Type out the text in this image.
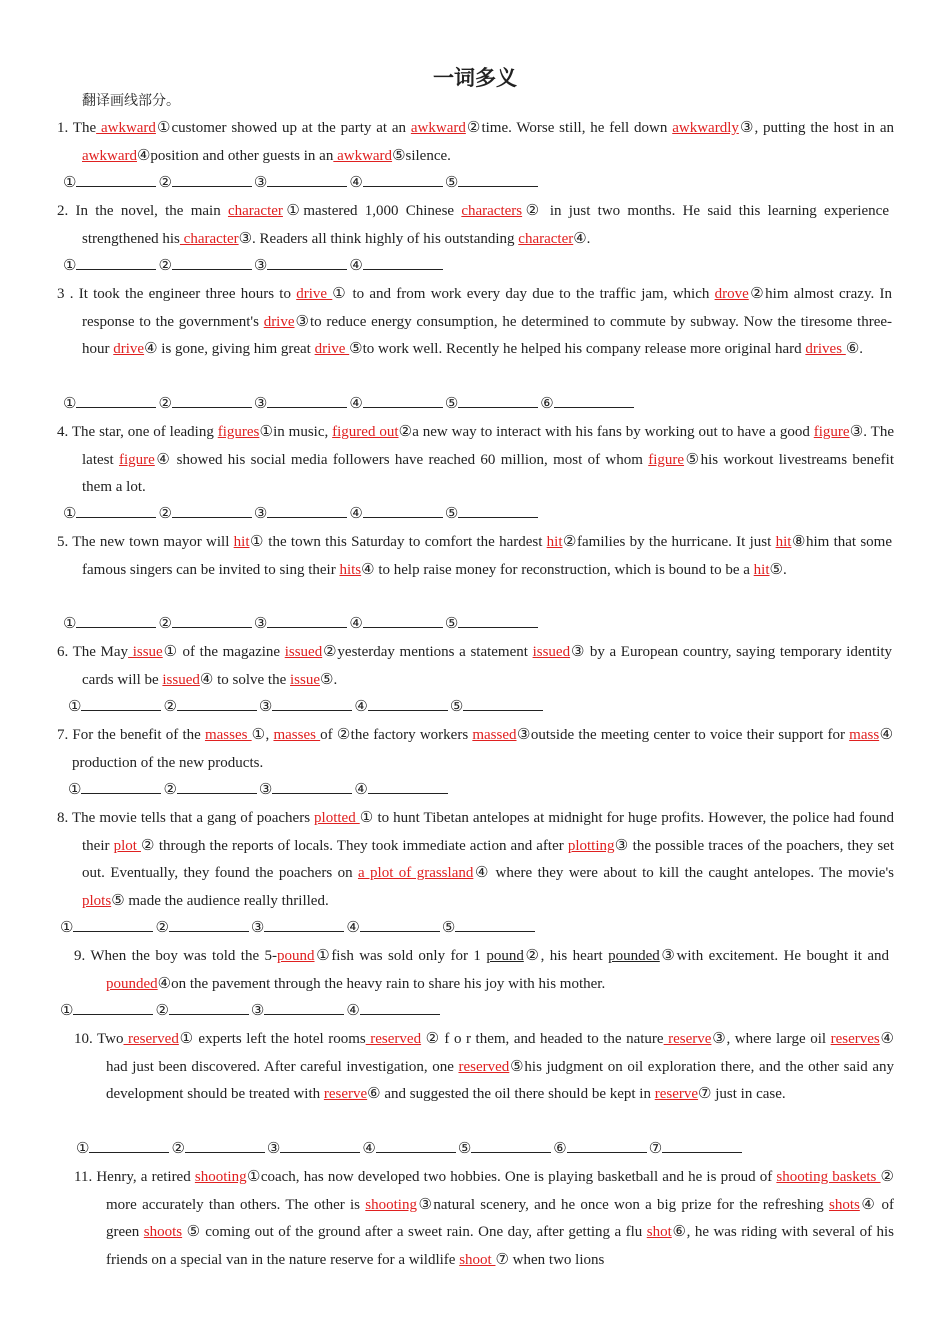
一词多义
翻译画线部分。
1. The awkward①customer showed up at the party at an awkward②time. Worse still, he fell down awkwardly③, putting the host in an awkward④position and other guests in an awkward⑤silence.
①	②	③	④	⑤
2. In the novel, the main character①mastered 1,000 Chinese characters② in just two months. He said this learning experience strengthened his character③. Readers all think highly of his outstanding character④.
①	②	③	④
3 . It took the engineer three hours to drive ① to and from work every day due to the traffic jam, which drove②him almost crazy. In response to the government's drive③to reduce energy consumption, he determined to commute by subway. Now the tiresome three-hour drive④ is gone, giving him great drive ⑤to work well. Recently he helped his company release more original hard drives ⑥.
①	②	③	④	⑤	⑥
4. The star, one of leading figures①in music, figured out②a new way to interact with his fans by working out to have a good figure③. The latest figure④ showed his social media followers have reached 60 million, most of whom figure⑤his workout livestreams benefit them a lot.
①	②	③	④	⑤
5. The new town mayor will hit① the town this Saturday to comfort the hardest hit②families by the hurricane. It just hit⑧him that some famous singers can be invited to sing their hits④ to help raise money for reconstruction, which is bound to be a hit⑤.
①	②	③	④	⑤
6. The May issue① of the magazine issued②yesterday mentions a statement issued③ by a European country, saying temporary identity cards will be issued④ to solve the issue⑤.
①	②	③	④	⑤
7. For the benefit of the masses ①, masses of ②the factory workers massed③outside the meeting center to voice their support for mass④ production of the new products.
①	②	③	④
8. The movie tells that a gang of poachers plotted ① to hunt Tibetan antelopes at midnight for huge profits. However, the police had found their plot ② through the reports of locals. They took immediate action and after plotting③ the possible traces of the poachers, they set out. Eventually, they found the poachers on a plot of grassland④ where they were about to kill the caught antelopes. The movie's plots⑤ made the audience really thrilled.
①	②	③	④	⑤
9. When the boy was told the 5-pound①fish was sold only for 1 pound②, his heart pounded③with excitement. He bought it and pounded④on the pavement through the heavy rain to share his joy with his mother.
①	②	③	④
10. Two reserved① experts left the hotel rooms reserved ② f o r them, and headed to the nature reserve③, where large oil reserves④ had just been discovered. After careful investigation, one reserved⑤his judgment on oil exploration there, and the other said any development should be treated with reserve⑥ and suggested the oil there should be kept in reserve⑦ just in case.
①	②	③	④	⑤	⑥	⑦
11. Henry, a retired shooting①coach, has now developed two hobbies. One is playing basketball and he is proud of shooting baskets ② more accurately than others. The other is shooting③natural scenery, and he once won a big prize for the refreshing shots④ of green shoots ⑤ coming out of the ground after a sweet rain. One day, after getting a flu shot⑥, he was riding with several of his friends on a special van in the nature reserve for a wildlife shoot ⑦ when two lions
